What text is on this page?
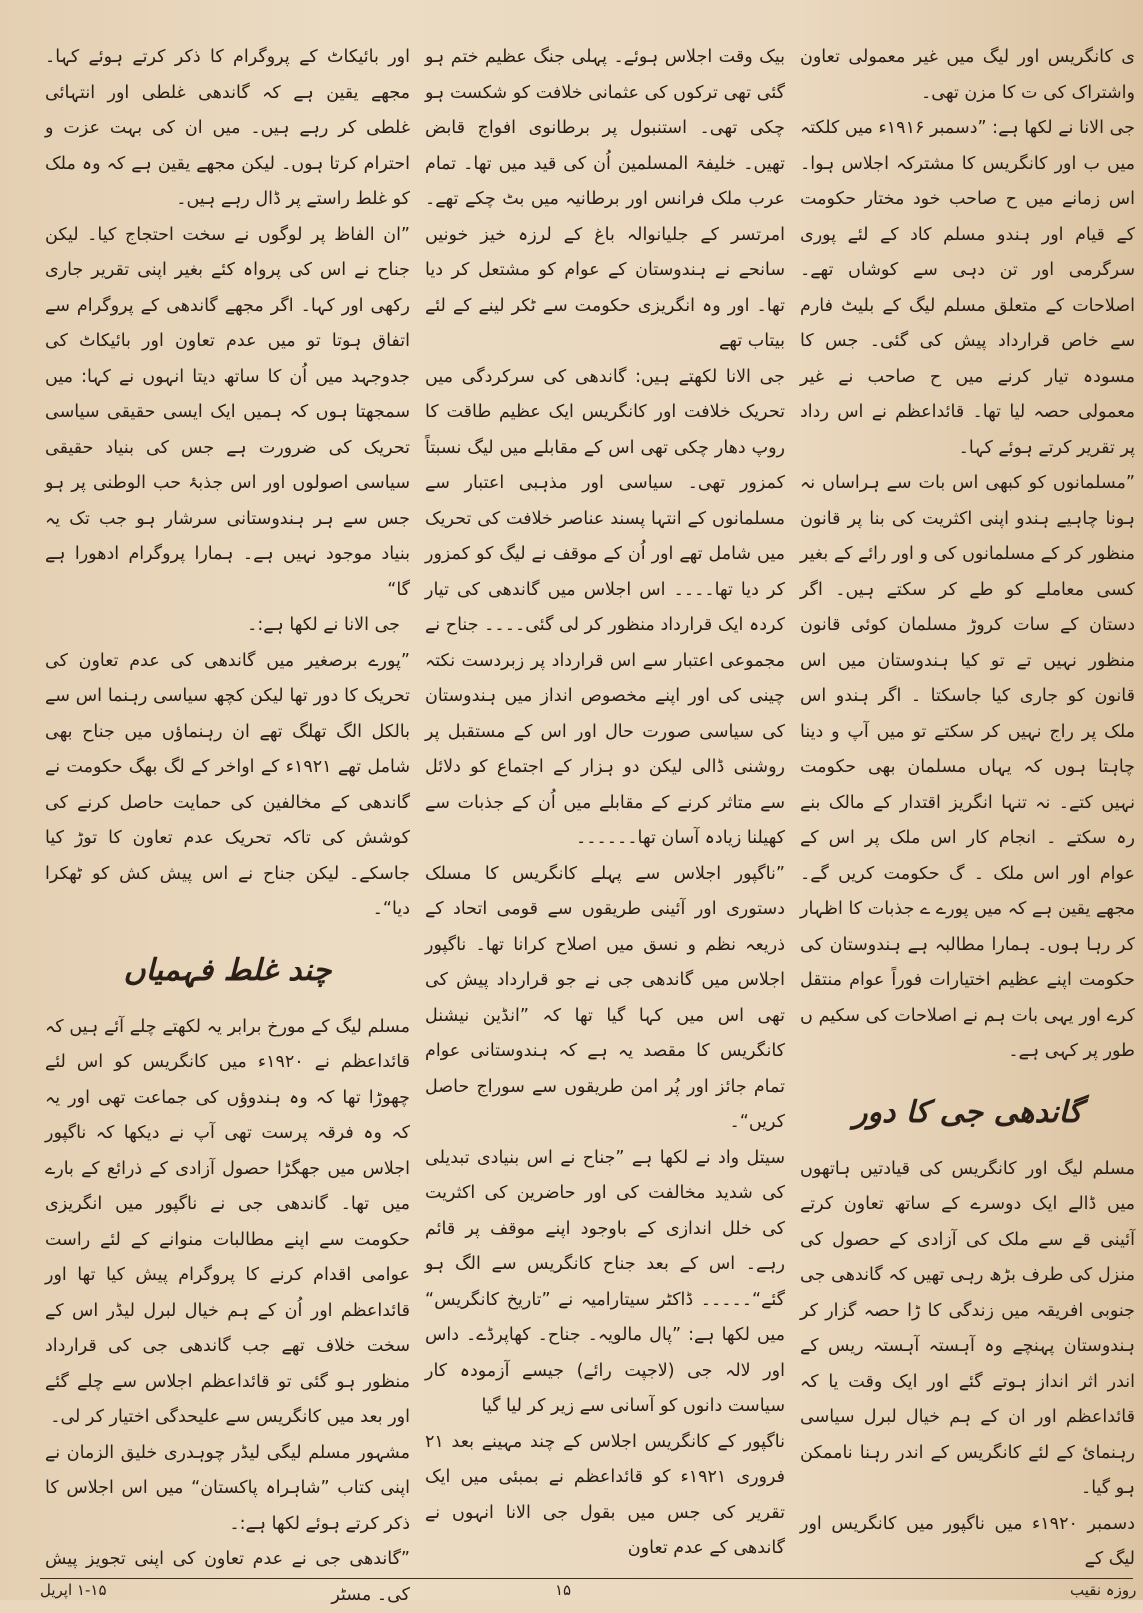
ی کانگریس اور لیگ میں غیر معمولی تعاون واشتراک کی ت کا مزن تھی۔

جی الانا نے لکھا ہے: ”دسمبر ۱۹۱۶ء میں کلکتہ میں ب اور کانگریس کا مشترکہ اجلاس ہوا۔ اس زمانے میں ح صاحب خود مختار حکومت کے قیام اور ہندو مسلم کاد کے لئے پوری سرگرمی اور تن دہی سے کوشاں تھے۔ اصلاحات کے متعلق مسلم لیگ کے بلیٹ فارم سے خاص قرارداد پیش کی گئی۔ جس کا مسودہ تیار کرنے میں ح صاحب نے غیر معمولی حصہ لیا تھا۔ قائداعظم نے اس رداد پر تقریر کرتے ہوئے کہا۔

”مسلمانوں کو کبھی اس بات سے ہراساں نہ ہونا چاہیے ہندو اپنی اکثریت کی بنا پر قانون منظور کر کے مسلمانوں کی و اور رائے کے بغیر کسی معاملے کو طے کر سکتے ہیں۔ اگر دستان کے سات کروڑ مسلمان کوئی قانون منظور نہیں تے تو کیا ہندوستان میں اس قانون کو جاری کیا جاسکتا ۔ اگر ہندو اس ملک پر راج نہیں کر سکتے تو میں آپ و دینا چاہتا ہوں کہ یہاں مسلمان بھی حکومت نہیں کتے۔ نہ تنہا انگریز اقتدار کے مالک بنے رہ سکتے ۔ انجام کار اس ملک پر اس کے عوام اور اس ملک ۔ گ حکومت کریں گے۔ مجھے یقین ہے کہ میں پورے ے جذبات کا اظہار کر رہا ہوں۔ ہمارا مطالبہ ہے ہندوستان کی حکومت اپنے عظیم اختیارات فوراً عوام منتقل کرے اور یہی بات ہم نے اصلاحات کی سکیم ں طور پر کہی ہے۔

گاندھی جی کا دور

مسلم لیگ اور کانگریس کی قیادتیں ہاتھوں میں ڈالے ایک دوسرے کے ساتھ تعاون کرتے آئینی قے سے ملک کی آزادی کے حصول کی منزل کی طرف بڑھ رہی تھیں کہ گاندھی جی جنوبی افریقہ میں زندگی کا ڑا حصہ گزار کر ہندوستان پہنچے وہ آہستہ آہستہ ریس کے اندر اثر انداز ہوتے گئے اور ایک وقت یا کہ قائداعظم اور ان کے ہم خیال لبرل سیاسی رہنمائ کے لئے کانگریس کے اندر رہنا ناممکن ہو گیا۔

دسمبر ۱۹۲۰ء میں ناگپور میں کانگریس اور لیگ کے

بیک وقت اجلاس ہوئے۔ پہلی جنگ عظیم ختم ہو گئی تھی ترکوں کی عثمانی خلافت کو شکست ہو چکی تھی۔ استنبول پر برطانوی افواج قابض تھیں۔ خلیفۃ المسلمین اُن کی قید میں تھا۔ تمام عرب ملک فرانس اور برطانیہ میں بٹ چکے تھے۔ امرتسر کے جلیانوالہ باغ کے لرزہ خیز خونیں سانحے نے ہندوستان کے عوام کو مشتعل کر دیا تھا۔ اور وہ انگریزی حکومت سے ٹکر لینے کے لئے بیتاب تھے

جی الانا لکھتے ہیں: گاندھی کی سرکردگی میں تحریک خلافت اور کانگریس ایک عظیم طاقت کا روپ دھار چکی تھی اس کے مقابلے میں لیگ نسبتاً کمزور تھی۔ سیاسی اور مذہبی اعتبار سے مسلمانوں کے انتہا پسند عناصر خلافت کی تحریک میں شامل تھے اور اُن کے موقف نے لیگ کو کمزور کر دیا تھا۔۔۔۔ اس اجلاس میں گاندھی کی تیار کردہ ایک قرارداد منظور کر لی گئی۔۔۔۔ جناح نے مجموعی اعتبار سے اس قرارداد پر زبردست نکتہ چینی کی اور اپنے مخصوص انداز میں ہندوستان کی سیاسی صورت حال اور اس کے مستقبل پر روشنی ڈالی لیکن دو ہزار کے اجتماع کو دلائل سے متاثر کرنے کے مقابلے میں اُن کے جذبات سے کھیلنا زیادہ آسان تھا۔۔۔۔۔۔

”ناگپور اجلاس سے پہلے کانگریس کا مسلک دستوری اور آئینی طریقوں سے قومی اتحاد کے ذریعہ نظم و نسق میں اصلاح کرانا تھا۔ ناگپور اجلاس میں گاندھی جی نے جو قرارداد پیش کی تھی اس میں کہا گیا تھا کہ ”انڈین نیشنل کانگریس کا مقصد یہ ہے کہ ہندوستانی عوام تمام جائز اور پُر امن طریقوں سے سوراج حاصل کریں“۔

سیتل واد نے لکھا ہے ”جناح نے اس بنیادی تبدیلی کی شدید مخالفت کی اور حاضرین کی اکثریت کی خلل اندازی کے باوجود اپنے موقف پر قائم رہے۔ اس کے بعد جناح کانگریس سے الگ ہو گئے“۔۔۔۔۔ ڈاکٹر سیتارامیہ نے ”تاریخ کانگریس“ میں لکھا ہے: ”پال مالویہ۔ جناح۔ کھاپرڈے۔ داس اور لالہ جی (لاجپت رائے) جیسے آزمودہ کار سیاست دانوں کو آسانی سے زیر کر لیا گیا

ناگپور کے کانگریس اجلاس کے چند مہینے بعد ۲۱ فروری ۱۹۲۱ء کو قائداعظم نے بمبئی میں ایک تقریر کی جس میں بقول جی الانا انہوں نے گاندھی کے عدم تعاون

اور بائیکاٹ کے پروگرام کا ذکر کرتے ہوئے کہا۔ مجھے یقین ہے کہ گاندھی غلطی اور انتہائی غلطی کر رہے ہیں۔ میں ان کی بہت عزت و احترام کرتا ہوں۔ لیکن مجھے یقین ہے کہ وہ ملک کو غلط راستے پر ڈال رہے ہیں۔

”ان الفاظ پر لوگوں نے سخت احتجاج کیا۔ لیکن جناح نے اس کی پرواہ کئے بغیر اپنی تقریر جاری رکھی اور کہا۔ اگر مجھے گاندھی کے پروگرام سے اتفاق ہوتا تو میں عدم تعاون اور بائیکاٹ کی جدوجہد میں اُن کا ساتھ دیتا انہوں نے کہا: میں سمجھتا ہوں کہ ہمیں ایک ایسی حقیقی سیاسی تحریک کی ضرورت ہے جس کی بنیاد حقیقی سیاسی اصولوں اور اس جذبۂ حب الوطنی پر ہو جس سے ہر ہندوستانی سرشار ہو جب تک یہ بنیاد موجود نہیں ہے۔ ہمارا پروگرام ادھورا ہے گا“

جی الانا نے لکھا ہے:۔

”پورے برصغیر میں گاندھی کی عدم تعاون کی تحریک کا دور تھا لیکن کچھ سیاسی رہنما اس سے بالکل الگ تھلگ تھے ان رہنماؤں میں جناح بھی شامل تھے ۱۹۲۱ء کے اواخر کے لگ بھگ حکومت نے گاندھی کے مخالفین کی حمایت حاصل کرنے کی کوشش کی تاکہ تحریک عدم تعاون کا توڑ کیا جاسکے۔ لیکن جناح نے اس پیش کش کو ٹھکرا دیا“۔

چند غلط فہمیاں

مسلم لیگ کے مورخ برابر یہ لکھتے چلے آئے ہیں کہ قائداعظم نے ۱۹۲۰ء میں کانگریس کو اس لئے چھوڑا تھا کہ وہ ہندوؤں کی جماعت تھی اور یہ کہ وہ فرقہ پرست تھی آپ نے دیکھا کہ ناگپور اجلاس میں جھگڑا حصول آزادی کے ذرائع کے بارے میں تھا۔ گاندھی جی نے ناگپور میں انگریزی حکومت سے اپنے مطالبات منوانے کے لئے راست عوامی اقدام کرنے کا پروگرام پیش کیا تھا اور قائداعظم اور اُن کے ہم خیال لبرل لیڈر اس کے سخت خلاف تھے جب گاندھی جی کی قرارداد منظور ہو گئی تو قائداعظم اجلاس سے چلے گئے اور بعد میں کانگریس سے علیحدگی اختیار کر لی۔

مشہور مسلم لیگی لیڈر چوہدری خلیق الزمان نے اپنی کتاب ”شاہراہ پاکستان“ میں اس اجلاس کا ذکر کرتے ہوئے لکھا ہے:۔

”گاندھی جی نے عدم تعاون کی اپنی تجویز پیش کی۔ مسٹر	روزہ نقیب
۱۵
۱-۱۵ اپریل
